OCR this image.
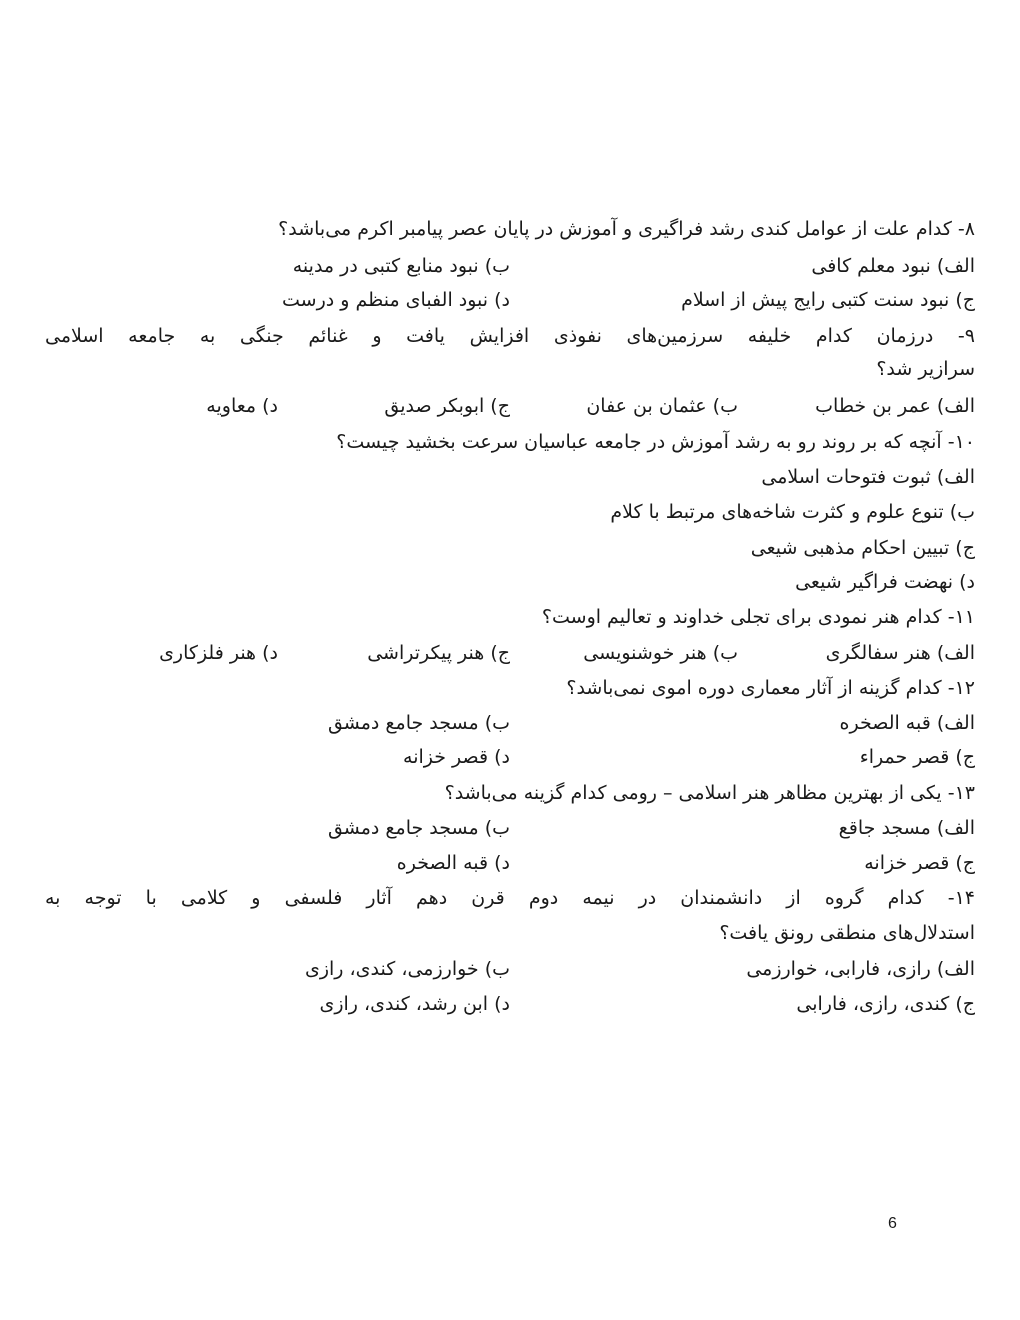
۸- کدام علت از عوامل کندی رشد فراگیری و آموزش در پایان عصر پیامبر اکرم می‌باشد؟
الف) نبود معلم کافی
ب) نبود منابع کتبی در مدینه
ج) نبود سنت کتبی رایج پیش از اسلام
د) نبود الفبای منظم و درست
۹- درزمان کدام خلیفه سرزمین‌های نفوذی افزایش یافت و غنائم جنگی به جامعه اسلامی
سرازیر شد؟
الف) عمر بن خطاب
ب) عثمان بن عفان
ج) ابوبکر صدیق
د) معاویه
۱۰- آنچه که بر روند رو به رشد آموزش در جامعه عباسیان سرعت بخشید چیست؟
الف) ثبوت فتوحات اسلامی
ب) تنوع علوم و کثرت شاخه‌های مرتبط با کلام
ج) تبیین احکام مذهبی شیعی
د) نهضت فراگیر شیعی
۱۱- کدام هنر نمودی برای تجلی خداوند و تعالیم اوست؟
الف) هنر سفالگری
ب) هنر خوشنویسی
ج) هنر پیکرتراشی
د) هنر فلزکاری
۱۲- کدام گزینه از آثار معماری دوره اموی نمی‌باشد؟
الف) قبه الصخره
ب) مسجد جامع دمشق
ج) قصر حمراء
د) قصر خزانه
۱۳- یکی از بهترین مظاهر هنر اسلامی – رومی کدام گزینه می‌باشد؟
الف) مسجد جاقع
ب) مسجد جامع دمشق
ج) قصر خزانه
د) قبه الصخره
۱۴- کدام گروه از دانشمندان در نیمه دوم قرن دهم آثار فلسفی و کلامی با توجه به
استدلال‌های منطقی رونق یافت؟
الف) رازی، فارابی، خوارزمی
ب) خوارزمی، کندی، رازی
ج) کندی، رازی، فارابی
د) ابن رشد، کندی، رازی
6
